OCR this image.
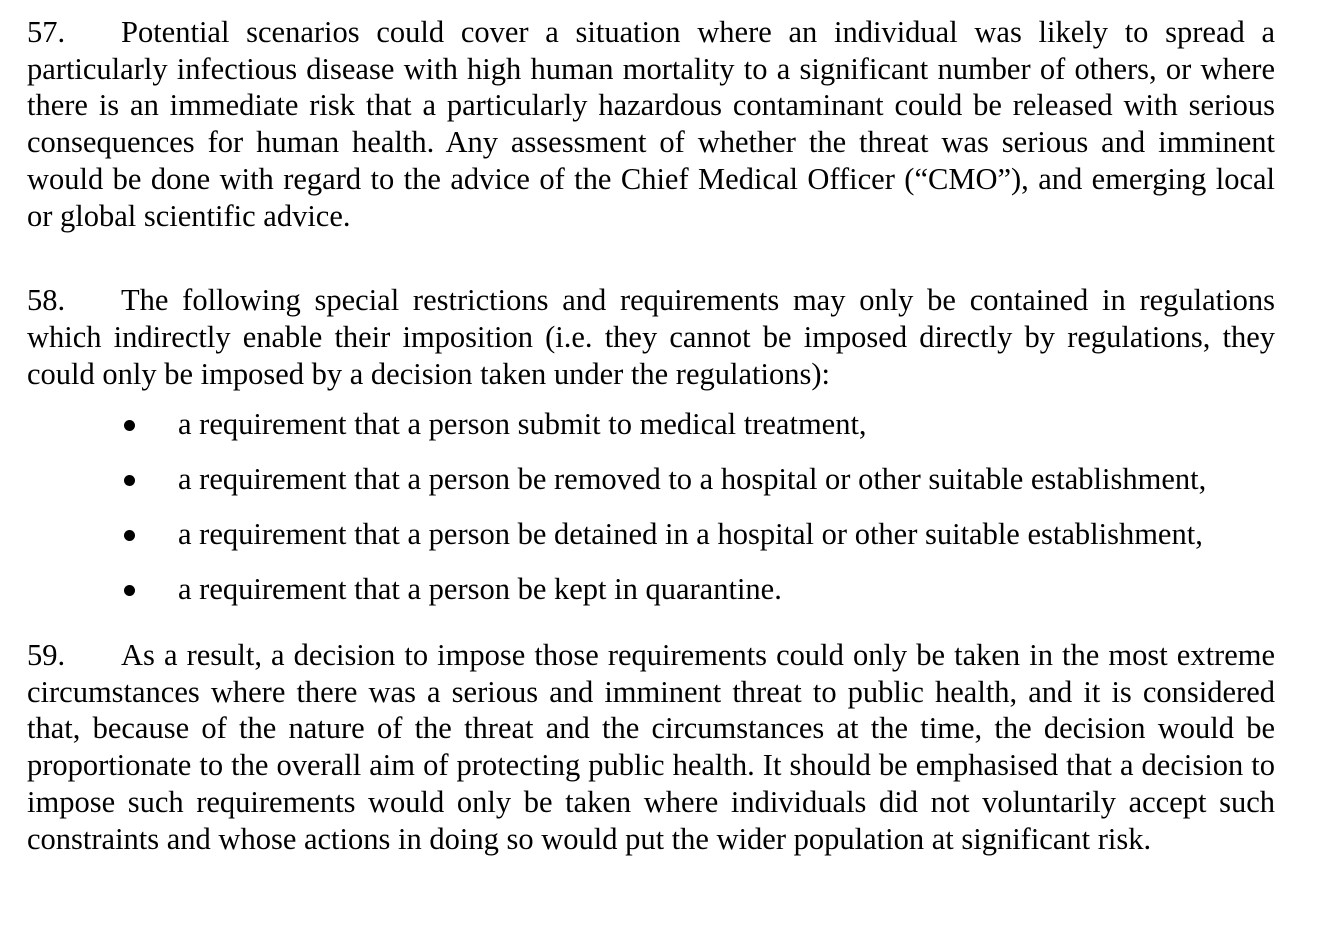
57. Potential scenarios could cover a situation where an individual was likely to spread a particularly infectious disease with high human mortality to a significant number of others, or where there is an immediate risk that a particularly hazardous contaminant could be released with serious consequences for human health. Any assessment of whether the threat was serious and imminent would be done with regard to the advice of the Chief Medical Officer (“CMO”), and emerging local or global scientific advice.

58. The following special restrictions and requirements may only be contained in regulations which indirectly enable their imposition (i.e. they cannot be imposed directly by regulations, they could only be imposed by a decision taken under the regulations):

a requirement that a person submit to medical treatment,
a requirement that a person be removed to a hospital or other suitable establishment,
a requirement that a person be detained in a hospital or other suitable establishment,
a requirement that a person be kept in quarantine.

59. As a result, a decision to impose those requirements could only be taken in the most extreme circumstances where there was a serious and imminent threat to public health, and it is considered that, because of the nature of the threat and the circumstances at the time, the decision would be proportionate to the overall aim of protecting public health. It should be emphasised that a decision to impose such requirements would only be taken where individuals did not voluntarily accept such constraints and whose actions in doing so would put the wider population at significant risk.
